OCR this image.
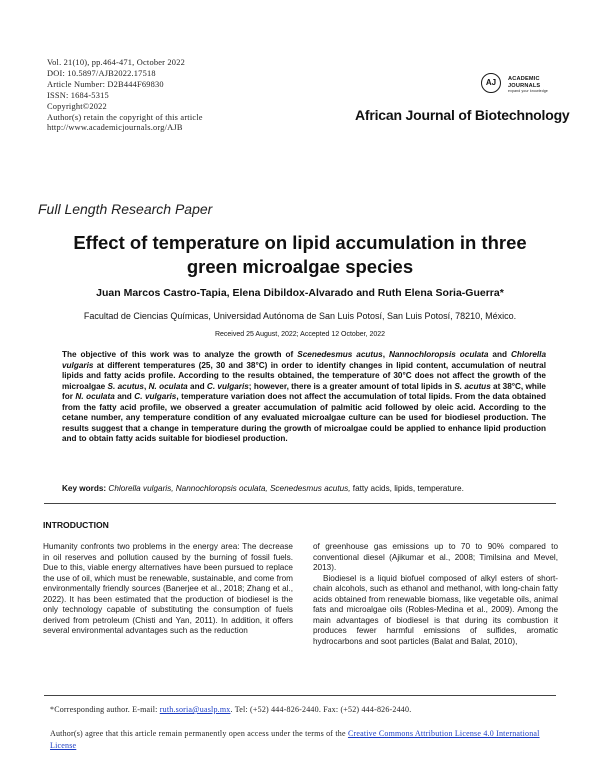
Vol. 21(10), pp.464-471, October 2022
DOI: 10.5897/AJB2022.17518
Article Number: D2B444F69830
ISSN: 1684-5315
Copyright©2022
Author(s) retain the copyright of this article
http://www.academicjournals.org/AJB
AJ	ACADEMIC
JOURNALS
expand your knowledge
African Journal of Biotechnology
Full Length Research Paper
Effect of temperature on lipid accumulation in three
green microalgae species
Juan Marcos Castro-Tapia, Elena Dibildox-Alvarado and Ruth Elena Soria-Guerra*
Facultad de Ciencias Químicas, Universidad Autónoma de San Luis Potosí, San Luis Potosí, 78210, México.
Received 25 August, 2022; Accepted 12 October, 2022
The objective of this work was to analyze the growth of Scenedesmus acutus, Nannochloropsis oculata and Chlorella vulgaris at different temperatures (25, 30 and 38°C) in order to identify changes in lipid content, accumulation of neutral lipids and fatty acids profile. According to the results obtained, the temperature of 30°C does not affect the growth of the microalgae S. acutus, N. oculata and C. vulgaris; however, there is a greater amount of total lipids in S. acutus at 38°C, while for N. oculata and C. vulgaris, temperature variation does not affect the accumulation of total lipids. From the data obtained from the fatty acid profile, we observed a greater accumulation of palmitic acid followed by oleic acid. According to the cetane number, any temperature condition of any evaluated microalgae culture can be used for biodiesel production. The results suggest that a change in temperature during the growth of microalgae could be applied to enhance lipid production and to obtain fatty acids suitable for biodiesel production.
Key words: Chlorella vulgaris, Nannochloropsis oculata, Scenedesmus acutus, fatty acids, lipids, temperature.
INTRODUCTION

Humanity confronts two problems in the energy area: The decrease in oil reserves and pollution caused by the burning of fossil fuels. Due to this, viable energy alternatives have been pursued to replace the use of oil, which must be renewable, sustainable, and come from environmentally friendly sources (Banerjee et al., 2018; Zhang et al., 2022). It has been estimated that the production of biodiesel is the only technology capable of substituting the consumption of fuels derived from petroleum (Chisti and Yan, 2011). In addition, it offers several environmental advantages such as the reduction

of greenhouse gas emissions up to 70 to 90% compared to conventional diesel (Ajikumar et al., 2008; Timilsina and Mevel, 2013).

Biodiesel is a liquid biofuel composed of alkyl esters of short-chain alcohols, such as ethanol and methanol, with long-chain fatty acids obtained from renewable biomass, like vegetable oils, animal fats and microalgae oils (Robles-Medina et al., 2009). Among the main advantages of biodiesel is that during its combustion it produces fewer harmful emissions of sulfides, aromatic hydrocarbons and soot particles (Balat and Balat, 2010),

*Corresponding author. E-mail: ruth.soria@uaslp.mx. Tel: (+52) 444-826-2440. Fax: (+52) 444-826-2440.
Author(s) agree that this article remain permanently open access under the terms of the Creative Commons Attribution License 4.0 International License
